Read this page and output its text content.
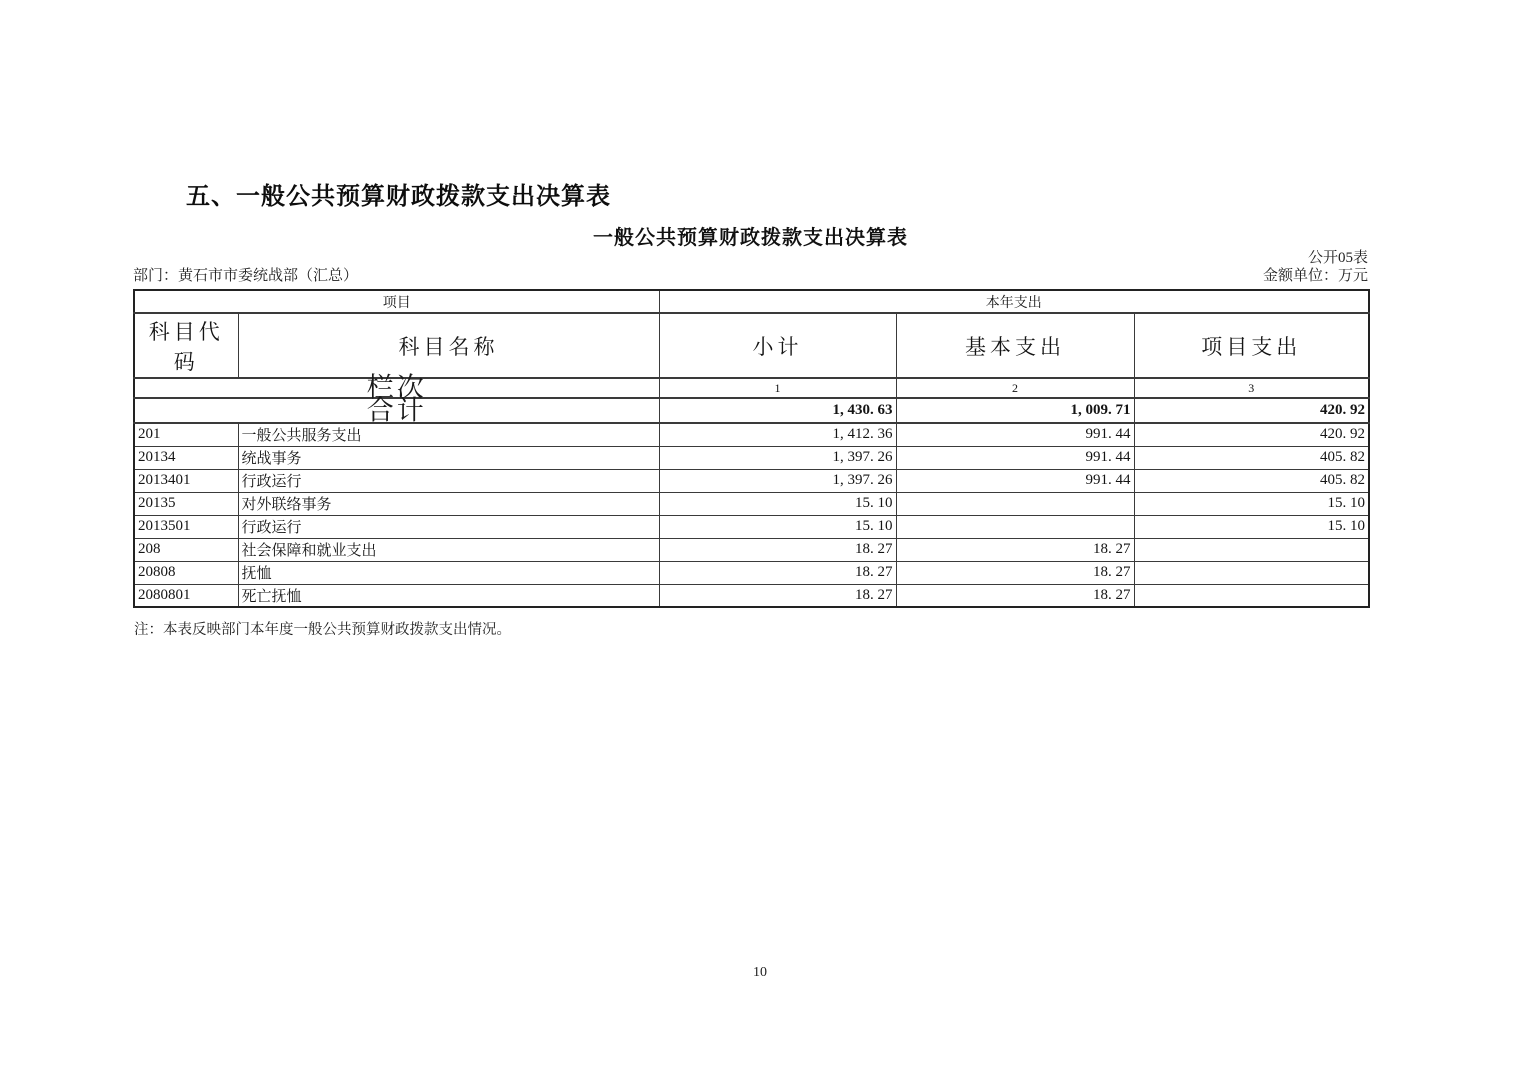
五、一般公共预算财政拨款支出决算表
一般公共预算财政拨款支出决算表
公开05表
部门：黄石市市委统战部（汇总）	金额单位：万元
项目		本年支出		
科目代码	科目名称	小计	基本支出	项目支出

栏次		1	2	3

合计		1, 430. 63	1, 009. 71	420. 92
201	一般公共服务支出	1, 412. 36	991. 44	420. 92
20134	统战事务	1, 397. 26	991. 44	405. 82
2013401	行政运行	1, 397. 26	991. 44	405. 82
20135	对外联络事务	15. 10		15. 10
2013501	行政运行	15. 10		15. 10
208	社会保障和就业支出	18. 27	18. 27	
20808	抚恤	18. 27	18. 27	
2080801	死亡抚恤	18. 27	18. 27	
注：本表反映部门本年度一般公共预算财政拨款支出情况。
10
